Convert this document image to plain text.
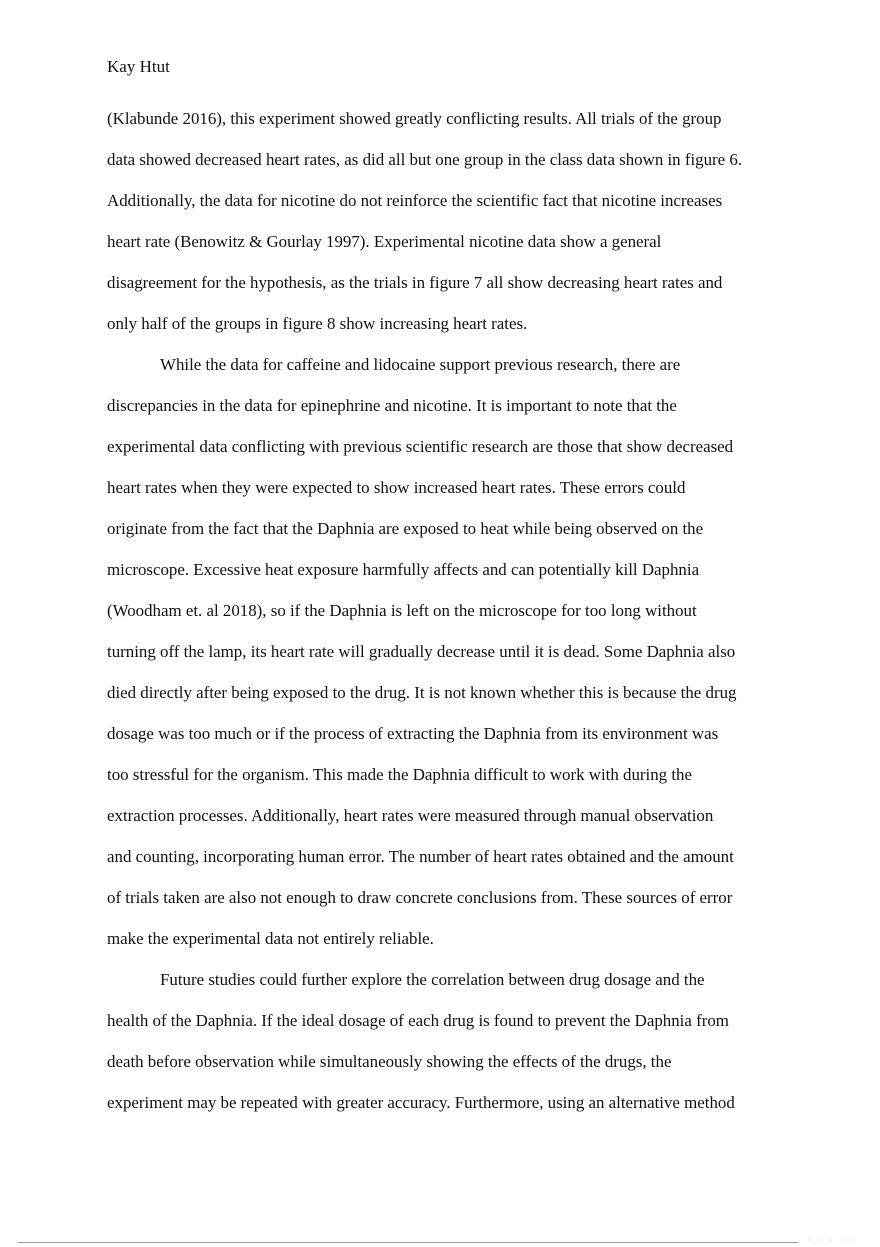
Kay Htut
(Klabunde 2016), this experiment showed greatly conflicting results. All trials of the group
data showed decreased heart rates, as did all but one group in the class data shown in figure 6.
Additionally, the data for nicotine do not reinforce the scientific fact that nicotine increases
heart rate (Benowitz & Gourlay 1997). Experimental nicotine data show a general
disagreement for the hypothesis, as the trials in figure 7 all show decreasing heart rates and
only half of the groups in figure 8 show increasing heart rates.
While the data for caffeine and lidocaine support previous research, there are
discrepancies in the data for epinephrine and nicotine. It is important to note that the
experimental data conflicting with previous scientific research are those that show decreased
heart rates when they were expected to show increased heart rates. These errors could
originate from the fact that the Daphnia are exposed to heat while being observed on the
microscope. Excessive heat exposure harmfully affects and can potentially kill Daphnia
(Woodham et. al 2018), so if the Daphnia is left on the microscope for too long without
turning off the lamp, its heart rate will gradually decrease until it is dead. Some Daphnia also
died directly after being exposed to the drug. It is not known whether this is because the drug
dosage was too much or if the process of extracting the Daphnia from its environment was
too stressful for the organism. This made the Daphnia difficult to work with during the
extraction processes. Additionally, heart rates were measured through manual observation
and counting, incorporating human error. The number of heart rates obtained and the amount
of trials taken are also not enough to draw concrete conclusions from. These sources of error
make the experimental data not entirely reliable.
Future studies could further explore the correlation between drug dosage and the
health of the Daphnia. If the ideal dosage of each drug is found to prevent the Daphnia from
death before observation while simultaneously showing the effects of the drugs, the
experiment may be repeated with greater accuracy. Furthermore, using an alternative method
· · · · ·
